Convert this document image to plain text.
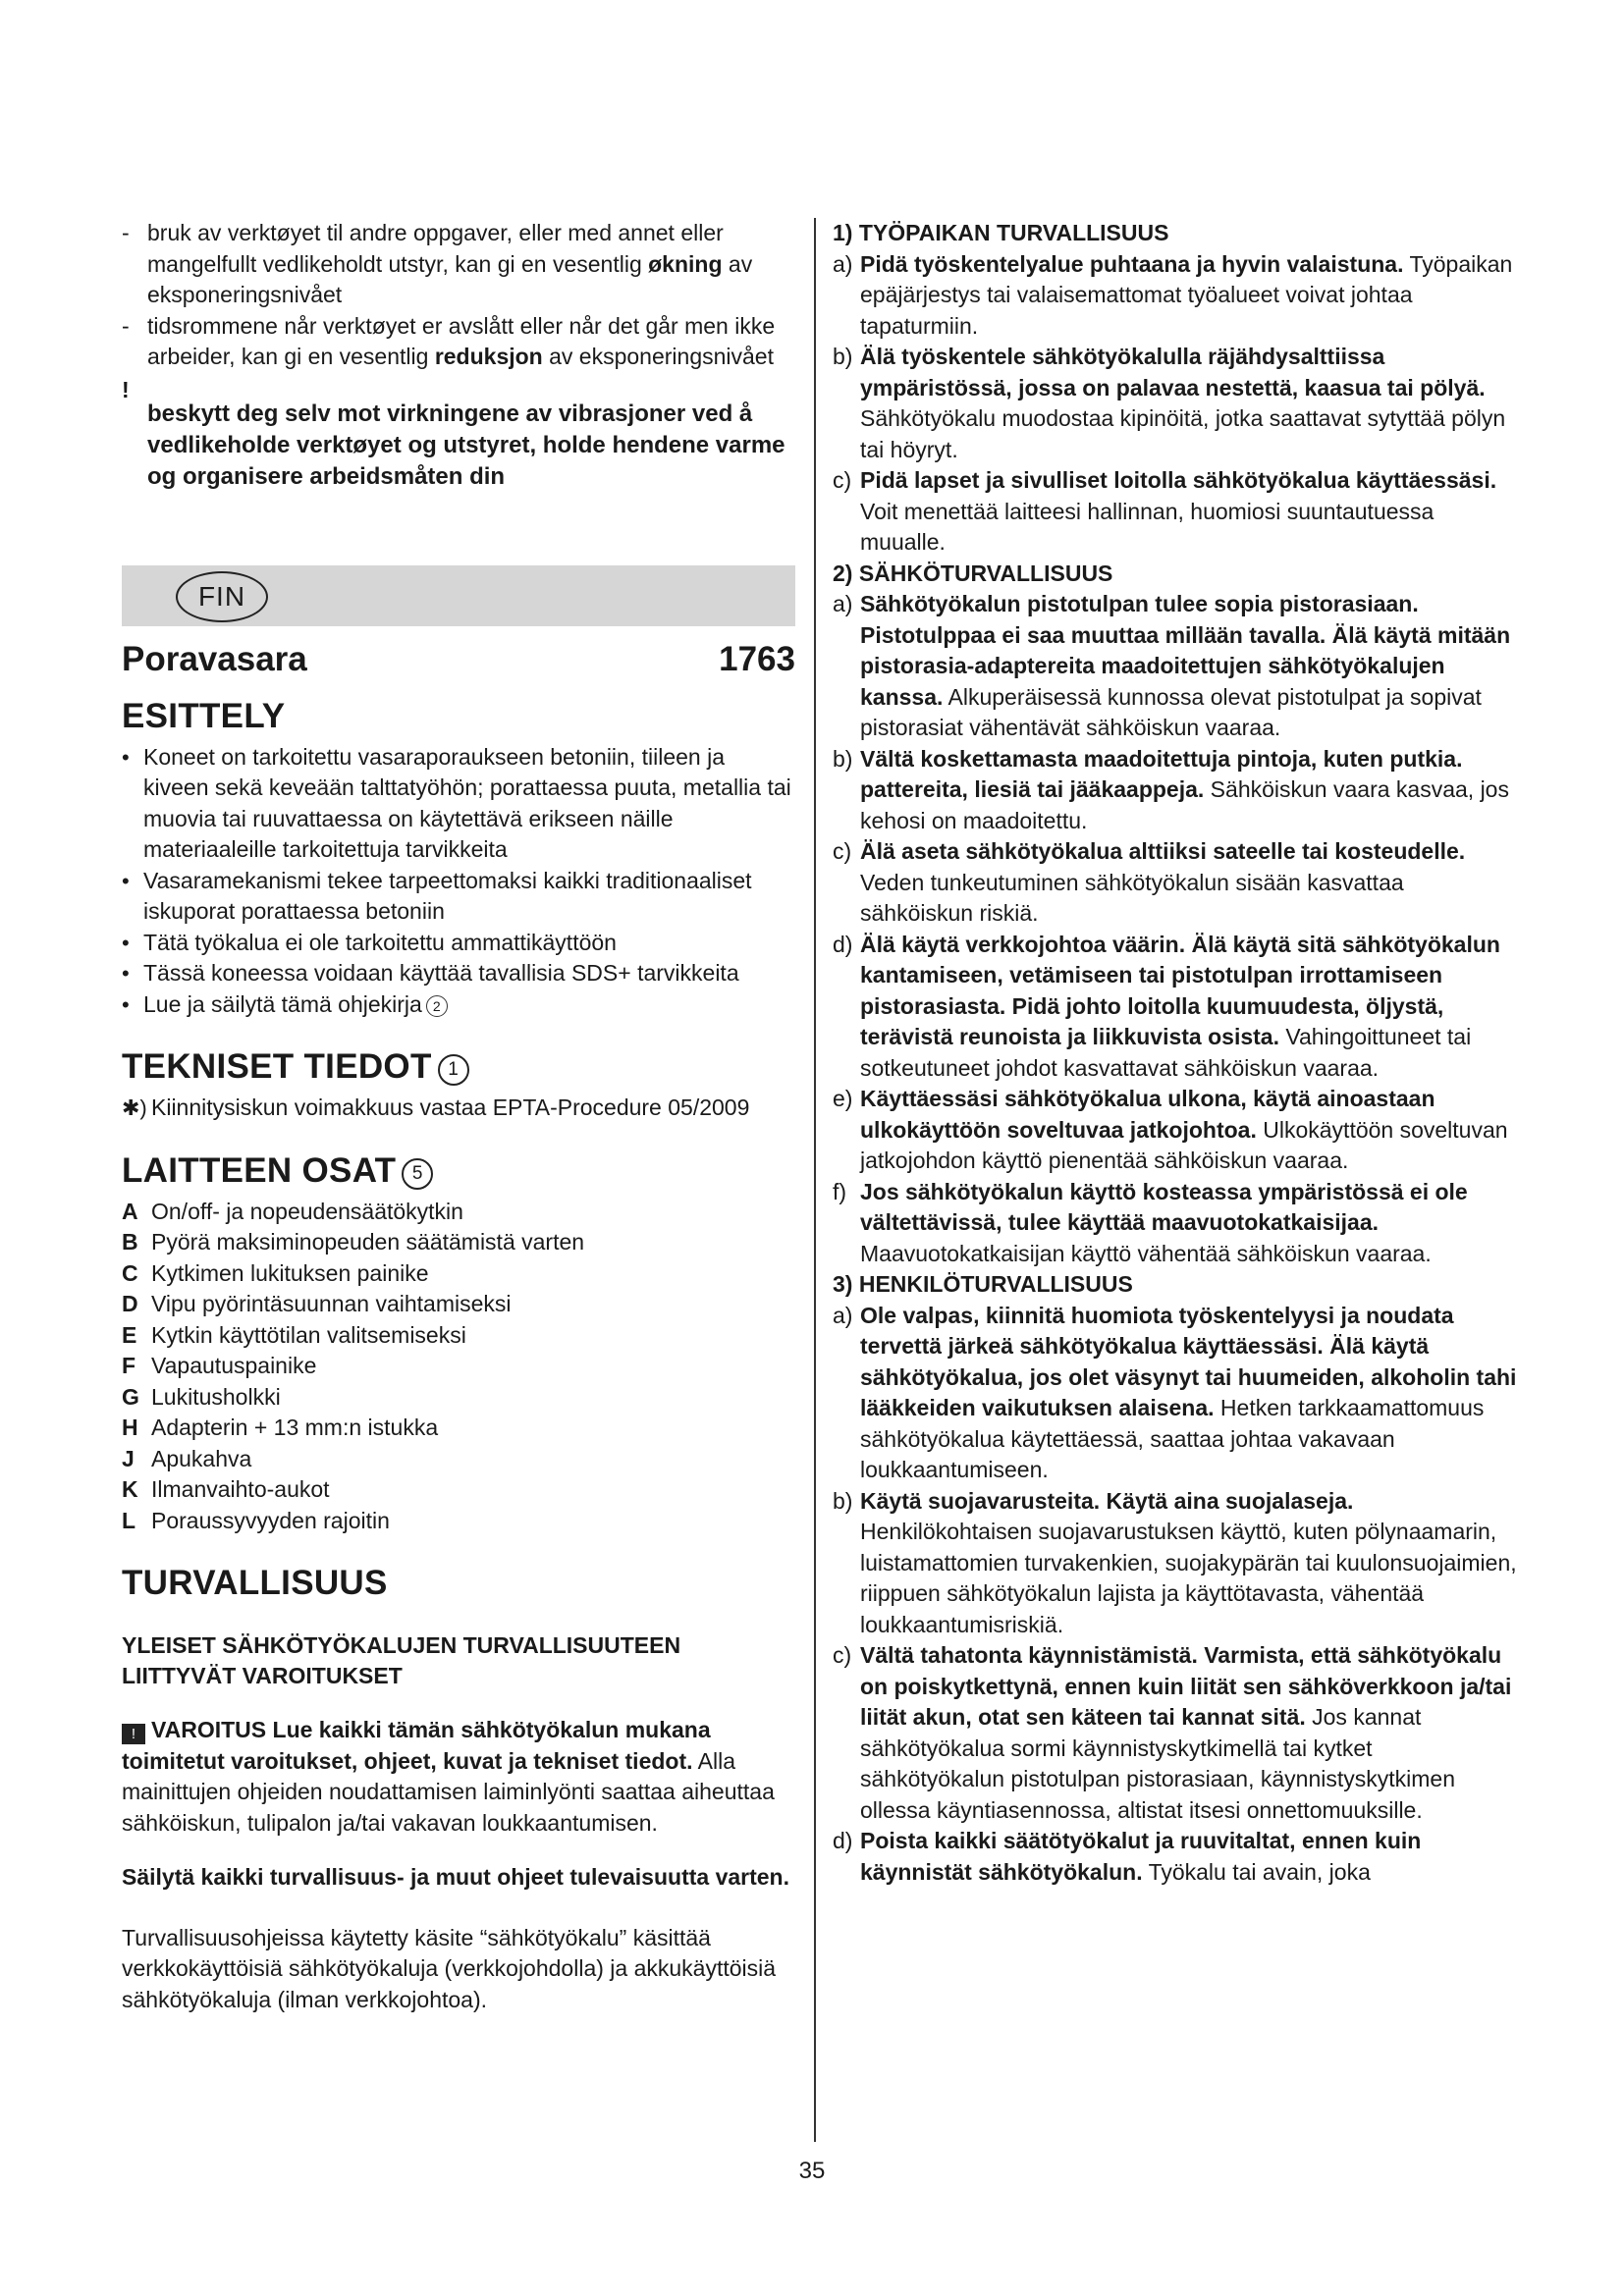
- bruk av verktøyet til andre oppgaver, eller med annet eller mangelfullt vedlikeholdt utstyr, kan gi en vesentlig økning av eksponeringsnivået

- tidsrommene når verktøyet er avslått eller når det går men ikke arbeider, kan gi en vesentlig reduksjon av eksponeringsnivået

!

beskytt deg selv mot virkningene av vibrasjoner ved å vedlikeholde verktøyet og utstyret, holde hendene varme og organisere arbeidsmåten din

FIN
Poravasara	1763
ESITTELY
• Koneet on tarkoitettu vasaraporaukseen betoniin, tiileen ja kiveen sekä keveään talttatyöhön; porattaessa puuta, metallia tai muovia tai ruuvattaessa on käytettävä erikseen näille materiaaleille tarkoitettuja tarvikkeita

• Vasaramekanismi tekee tarpeettomaksi kaikki traditionaaliset iskuporat porattaessa betoniin

• Tätä työkalua ei ole tarkoitettu ammattikäyttöön

• Tässä koneessa voidaan käyttää tavallisia SDS+ tarvikkeita

• Lue ja säilytä tämä ohjekirja 2

TEKNISET TIEDOT 1
✱) Kiinnitysiskun voimakkuus vastaa EPTA-Procedure 05/2009

LAITTEEN OSAT 5
A On/off- ja nopeudensäätökytkin
B Pyörä maksiminopeuden säätämistä varten
C Kytkimen lukituksen painike
D Vipu pyörintäsuunnan vaihtamiseksi
E Kytkin käyttötilan valitsemiseksi
F Vapautuspainike
G Lukitusholkki
H Adapterin + 13 mm:n istukka
J Apukahva
K Ilmanvaihto-aukot
L Poraussyvyyden rajoitin
TURVALLISUUS
YLEISET SÄHKÖTYÖKALUJEN TURVALLISUUTEEN LIITTYVÄT VAROITUKSET

! VAROITUS Lue kaikki tämän sähkötyökalun mukana toimitetut varoitukset, ohjeet, kuvat ja tekniset tiedot. Alla mainittujen ohjeiden noudattamisen laiminlyönti saattaa aiheuttaa sähköiskun, tulipalon ja/tai vakavan loukkaantumisen.

Säilytä kaikki turvallisuus- ja muut ohjeet tulevaisuutta varten.

Turvallisuusohjeissa käytetty käsite “sähkötyökalu” käsittää verkkokäyttöisiä sähkötyökaluja (verkkojohdolla) ja akkukäyttöisiä sähkötyökaluja (ilman verkkojohtoa).

1) TYÖPAIKAN TURVALLISUUS
a) Pidä työskentelyalue puhtaana ja hyvin valaistuna. Työpaikan epäjärjestys tai valaisemattomat työalueet voivat johtaa tapaturmiin.

b) Älä työskentele sähkötyökalulla räjähdysalttiissa ympäristössä, jossa on palavaa nestettä, kaasua tai pölyä. Sähkötyökalu muodostaa kipinöitä, jotka saattavat sytyttää pölyn tai höyryt.

c) Pidä lapset ja sivulliset loitolla sähkötyökalua käyttäessäsi. Voit menettää laitteesi hallinnan, huomiosi suuntautuessa muualle.

2) SÄHKÖTURVALLISUUS
a) Sähkötyökalun pistotulpan tulee sopia pistorasiaan. Pistotulppaa ei saa muuttaa millään tavalla. Älä käytä mitään pistorasia-adaptereita maadoitettujen sähkötyökalujen kanssa. Alkuperäisessä kunnossa olevat pistotulpat ja sopivat pistorasiat vähentävät sähköiskun vaaraa.

b) Vältä koskettamasta maadoitettuja pintoja, kuten putkia. pattereita, liesiä tai jääkaappeja. Sähköiskun vaara kasvaa, jos kehosi on maadoitettu.

c) Älä aseta sähkötyökalua alttiiksi sateelle tai kosteudelle. Veden tunkeutuminen sähkötyökalun sisään kasvattaa sähköiskun riskiä.

d) Älä käytä verkkojohtoa väärin. Älä käytä sitä sähkötyökalun kantamiseen, vetämiseen tai pistotulpan irrottamiseen pistorasiasta. Pidä johto loitolla kuumuudesta, öljystä, terävistä reunoista ja liikkuvista osista. Vahingoittuneet tai sotkeutuneet johdot kasvattavat sähköiskun vaaraa.

e) Käyttäessäsi sähkötyökalua ulkona, käytä ainoastaan ulkokäyttöön soveltuvaa jatkojohtoa. Ulkokäyttöön soveltuvan jatkojohdon käyttö pienentää sähköiskun vaaraa.

f) Jos sähkötyökalun käyttö kosteassa ympäristössä ei ole vältettävissä, tulee käyttää maavuotokatkaisijaa. Maavuotokatkaisijan käyttö vähentää sähköiskun vaaraa.

3) HENKILÖTURVALLISUUS
a) Ole valpas, kiinnitä huomiota työskentelyysi ja noudata tervettä järkeä sähkötyökalua käyttäessäsi. Älä käytä sähkötyökalua, jos olet väsynyt tai huumeiden, alkoholin tahi lääkkeiden vaikutuksen alaisena. Hetken tarkkaamattomuus sähkötyökalua käytettäessä, saattaa johtaa vakavaan loukkaantumiseen.

b) Käytä suojavarusteita. Käytä aina suojalaseja. Henkilökohtaisen suojavarustuksen käyttö, kuten pölynaamarin, luistamattomien turvakenkien, suojakypärän tai kuulonsuojaimien, riippuen sähkötyökalun lajista ja käyttötavasta, vähentää loukkaantumisriskiä.

c) Vältä tahatonta käynnistämistä. Varmista, että sähkötyökalu on poiskytkettynä, ennen kuin liität sen sähköverkkoon ja/tai liität akun, otat sen käteen tai kannat sitä. Jos kannat sähkötyökalua sormi käynnistyskytkimellä tai kytket sähkötyökalun pistotulpan pistorasiaan, käynnistyskytkimen ollessa käyntiasennossa, altistat itsesi onnettomuuksille.

d) Poista kaikki säätötyökalut ja ruuvitaltat, ennen kuin käynnistät sähkötyökalun. Työkalu tai avain, joka

35
